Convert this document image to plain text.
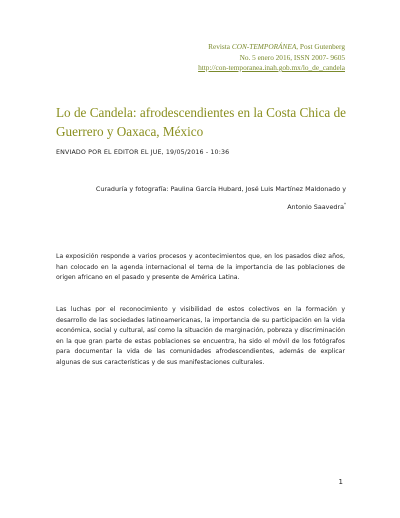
Revista CON-TEMPORÁNEA, Post Gutenberg
No. 5 enero 2016, ISSN 2007- 9605
http://con-temporanea.inah.gob.mx/lo_de_candela
Lo de Candela: afrodescendientes en la Costa Chica de Guerrero y Oaxaca, México
ENVIADO POR EL EDITOR EL JUE, 19/05/2016 - 10:36
Curaduría y fotografía: Paulina García Hubard, José Luis Martínez Maldonado y
Antonio Saavedra*

La exposición responde a varios procesos y acontecimientos que, en los pasados diez años, han colocado en la agenda internacional el tema de la importancia de las poblaciones de origen africano en el pasado y presente de América Latina.

Las luchas por el reconocimiento y visibilidad de estos colectivos en la formación y desarrollo de las sociedades latinoamericanas, la importancia de su participación en la vida económica, social y cultural, así como la situación de marginación, pobreza y discriminación en la que gran parte de estas poblaciones se encuentra, ha sido el móvil de los fotógrafos para documentar la vida de las comunidades afrodescendientes, además de explicar algunas de sus características y de sus manifestaciones culturales.

1
